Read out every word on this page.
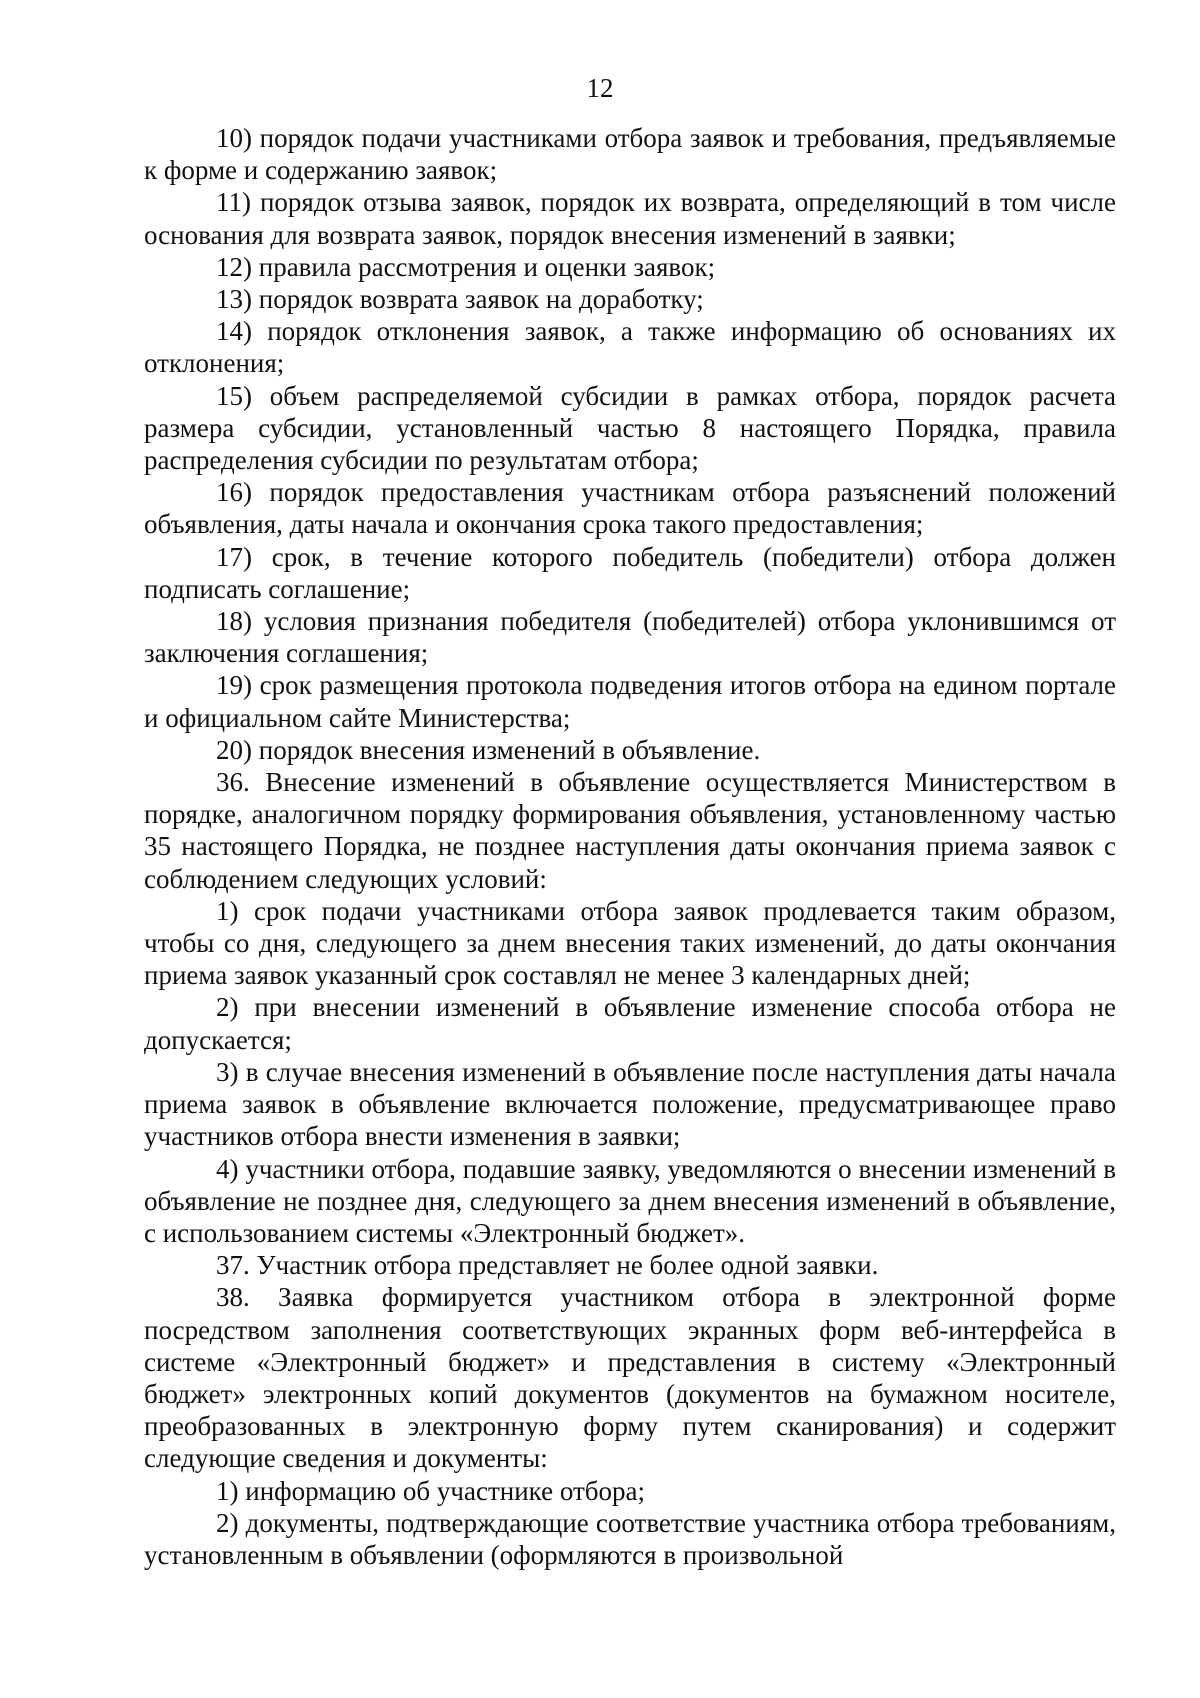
12

10) порядок подачи участниками отбора заявок и требования, предъявляемые к форме и содержанию заявок;

11) порядок отзыва заявок, порядок их возврата, определяющий в том числе основания для возврата заявок, порядок внесения изменений в заявки;

12) правила рассмотрения и оценки заявок;

13) порядок возврата заявок на доработку;

14) порядок отклонения заявок, а также информацию об основаниях их отклонения;

15) объем распределяемой субсидии в рамках отбора, порядок расчета размера субсидии, установленный частью 8 настоящего Порядка, правила распределения субсидии по результатам отбора;

16) порядок предоставления участникам отбора разъяснений положений объявления, даты начала и окончания срока такого предоставления;

17) срок, в течение которого победитель (победители) отбора должен подписать соглашение;

18) условия признания победителя (победителей) отбора уклонившимся от заключения соглашения;

19) срок размещения протокола подведения итогов отбора на едином портале и официальном сайте Министерства;

20) порядок внесения изменений в объявление.

36. Внесение изменений в объявление осуществляется Министерством в порядке, аналогичном порядку формирования объявления, установленному частью 35 настоящего Порядка, не позднее наступления даты окончания приема заявок с соблюдением следующих условий:

1) срок подачи участниками отбора заявок продлевается таким образом, чтобы со дня, следующего за днем внесения таких изменений, до даты окончания приема заявок указанный срок составлял не менее 3 календарных дней;

2) при внесении изменений в объявление изменение способа отбора не допускается;

3) в случае внесения изменений в объявление после наступления даты начала приема заявок в объявление включается положение, предусматривающее право участников отбора внести изменения в заявки;

4) участники отбора, подавшие заявку, уведомляются о внесении изменений в объявление не позднее дня, следующего за днем внесения изменений в объявление, с использованием системы «Электронный бюджет».

37. Участник отбора представляет не более одной заявки.

38. Заявка формируется участником отбора в электронной форме посредством заполнения соответствующих экранных форм веб-интерфейса в системе «Электронный бюджет» и представления в систему «Электронный бюджет» электронных копий документов (документов на бумажном носителе, преобразованных в электронную форму путем сканирования) и содержит следующие сведения и документы:

1) информацию об участнике отбора;

2) документы, подтверждающие соответствие участника отбора требованиям, установленным в объявлении (оформляются в произвольной
